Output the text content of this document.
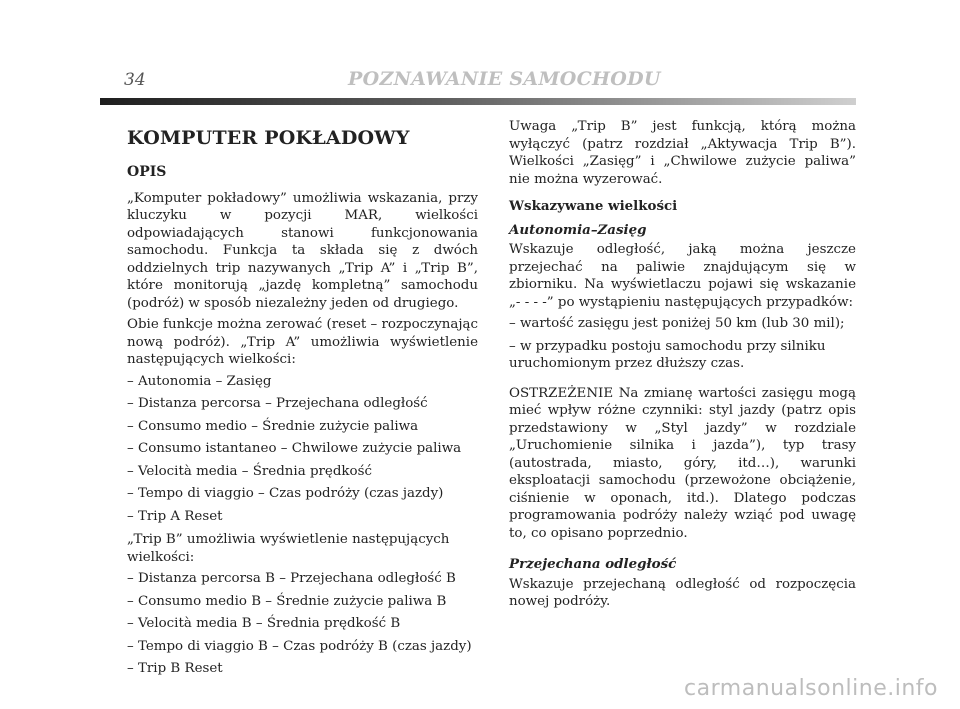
34	POZNAWANIE SAMOCHODU
KOMPUTER POKŁADOWY
OPIS

„Komputer pokładowy” umożliwia wskazania, przy kluczyku w pozycji MAR, wielkości odpowiadających stanowi funkcjonowania samochodu. Funkcja ta składa się z dwóch oddzielnych trip nazywanych „Trip A” i „Trip B”, które monitorują „jazdę kompletną” samochodu (podróż) w sposób niezależny jeden od drugiego.

Obie funkcje można zerować (reset – rozpoczynając nową podróż). „Trip A” umożliwia wyświetlenie następujących wielkości:

– Autonomia – Zasięg
– Distanza percorsa – Przejechana odległość
– Consumo medio – Średnie zużycie paliwa
– Consumo istantaneo – Chwilowe zużycie paliwa
– Velocità media – Średnia prędkość
– Tempo di viaggio – Czas podróży (czas jazdy)
– Trip A Reset

„Trip B” umożliwia wyświetlenie następujących wielkości:

– Distanza percorsa B – Przejechana odległość B
– Consumo medio B – Średnie zużycie paliwa B
– Velocità media B – Średnia prędkość B
– Tempo di viaggio B – Czas podróży B (czas jazdy)
– Trip B Reset

Uwaga „Trip B” jest funkcją, którą można wyłączyć (patrz rozdział „Aktywacja Trip B”). Wielkości „Zasięg” i „Chwilowe zużycie paliwa” nie można wyzerować.

Wskazywane wielkości
Autonomia–Zasięg

Wskazuje odległość, jaką można jeszcze przejechać na paliwie znajdującym się w zbiorniku. Na wyświetlaczu pojawi się wskazanie „- - - -” po wystąpieniu następujących przypadków:

– wartość zasięgu jest poniżej 50 km (lub 30 mil);
– w przypadku postoju samochodu przy silniku uruchomionym przez dłuższy czas.

OSTRZEŻENIE Na zmianę wartości zasięgu mogą mieć wpływ różne czynniki: styl jazdy (patrz opis przedstawiony w „Styl jazdy” w rozdziale „Uruchomienie silnika i jazda”), typ trasy (autostrada, miasto, góry, itd…), warunki eksploatacji samochodu (przewożone obciążenie, ciśnienie w oponach, itd.). Dlatego podczas programowania podróży należy wziąć pod uwagę to, co opisano poprzednio.

Przejechana odległość

Wskazuje przejechaną odległość od rozpoczęcia nowej podróży.

carmanualsonline.info
